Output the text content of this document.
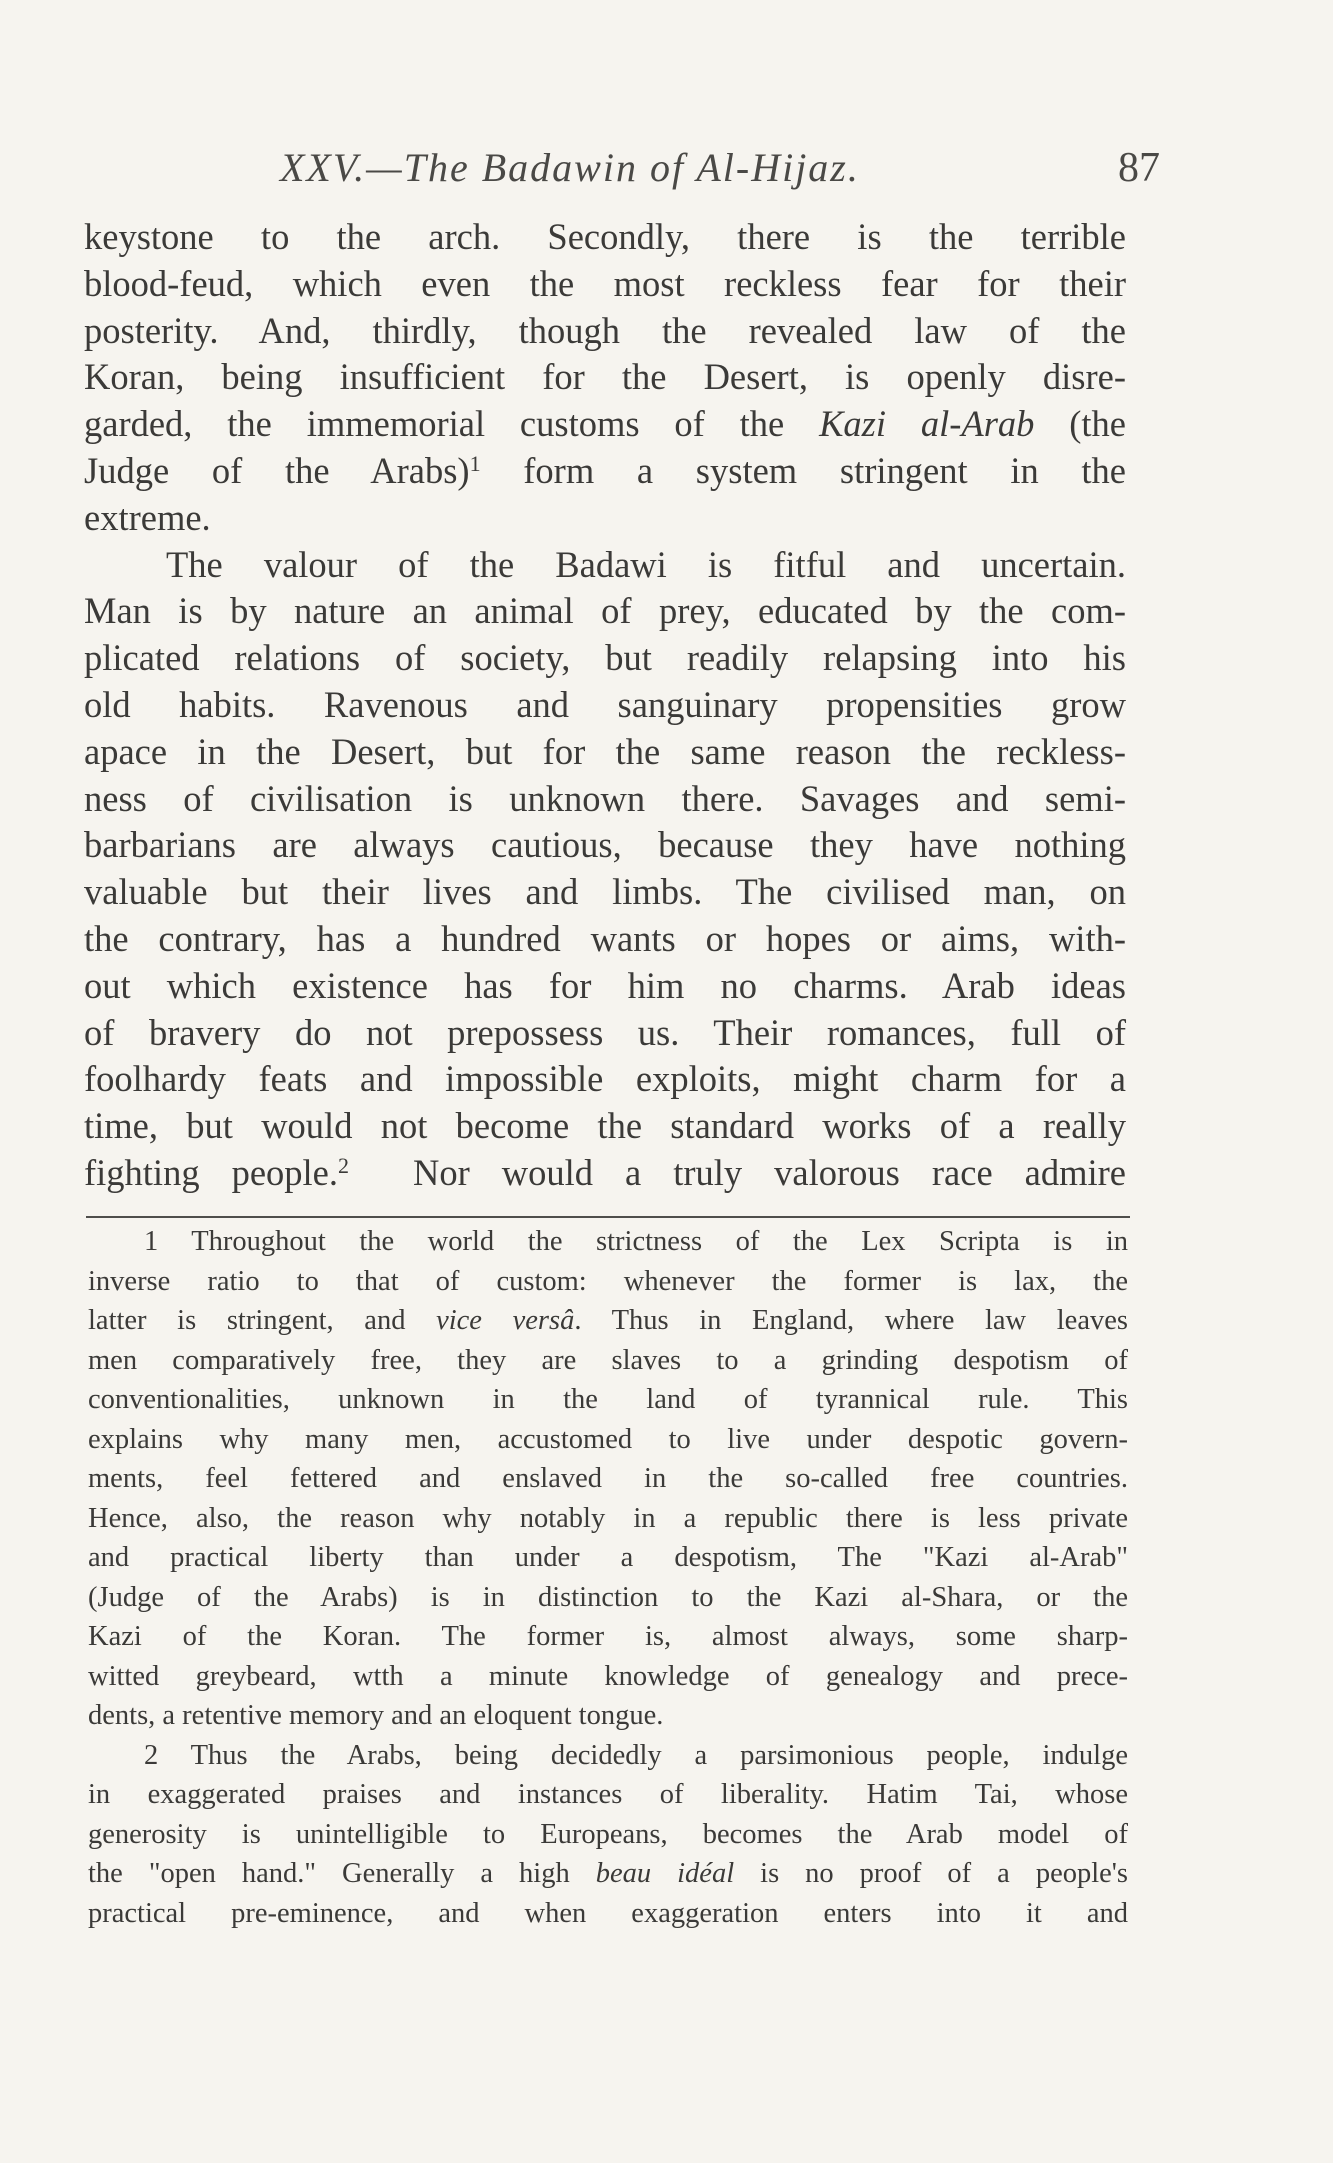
XXV.—The Badawin of Al-Hijaz.	87
keystone to the arch. Secondly, there is the terrible
blood-feud, which even the most reckless fear for their
posterity. And, thirdly, though the revealed law of the
Koran, being insufficient for the Desert, is openly disre-
garded, the immemorial customs of the Kazi al-Arab (the
Judge of the Arabs)$^1$ form a system stringent in the
extreme.
The valour of the Badawi is fitful and uncertain.
Man is by nature an animal of prey, educated by the com-
plicated relations of society, but readily relapsing into his
old habits. Ravenous and sanguinary propensities grow
apace in the Desert, but for the same reason the reckless-
ness of civilisation is unknown there. Savages and semi-
barbarians are always cautious, because they have nothing
valuable but their lives and limbs. The civilised man, on
the contrary, has a hundred wants or hopes or aims, with-
out which existence has for him no charms. Arab ideas
of bravery do not prepossess us. Their romances, full of
foolhardy feats and impossible exploits, might charm for a
time, but would not become the standard works of a really
fighting people.$^2$ Nor would a truly valorous race admire
1 Throughout the world the strictness of the Lex Scripta is in
inverse ratio to that of custom: whenever the former is lax, the
latter is stringent, and vice versâ. Thus in England, where law leaves
men comparatively free, they are slaves to a grinding despotism of
conventionalities, unknown in the land of tyrannical rule. This
explains why many men, accustomed to live under despotic govern-
ments, feel fettered and enslaved in the so-called free countries.
Hence, also, the reason why notably in a republic there is less private
and practical liberty than under a despotism, The "Kazi al-Arab"
(Judge of the Arabs) is in distinction to the Kazi al-Shara, or the
Kazi of the Koran. The former is, almost always, some sharp-
witted greybeard, wtth a minute knowledge of genealogy and prece-
dents, a retentive memory and an eloquent tongue.
2 Thus the Arabs, being decidedly a parsimonious people, indulge
in exaggerated praises and instances of liberality. Hatim Tai, whose
generosity is unintelligible to Europeans, becomes the Arab model of
the "open hand." Generally a high beau idéal is no proof of a people's
practical pre-eminence, and when exaggeration enters into it and
